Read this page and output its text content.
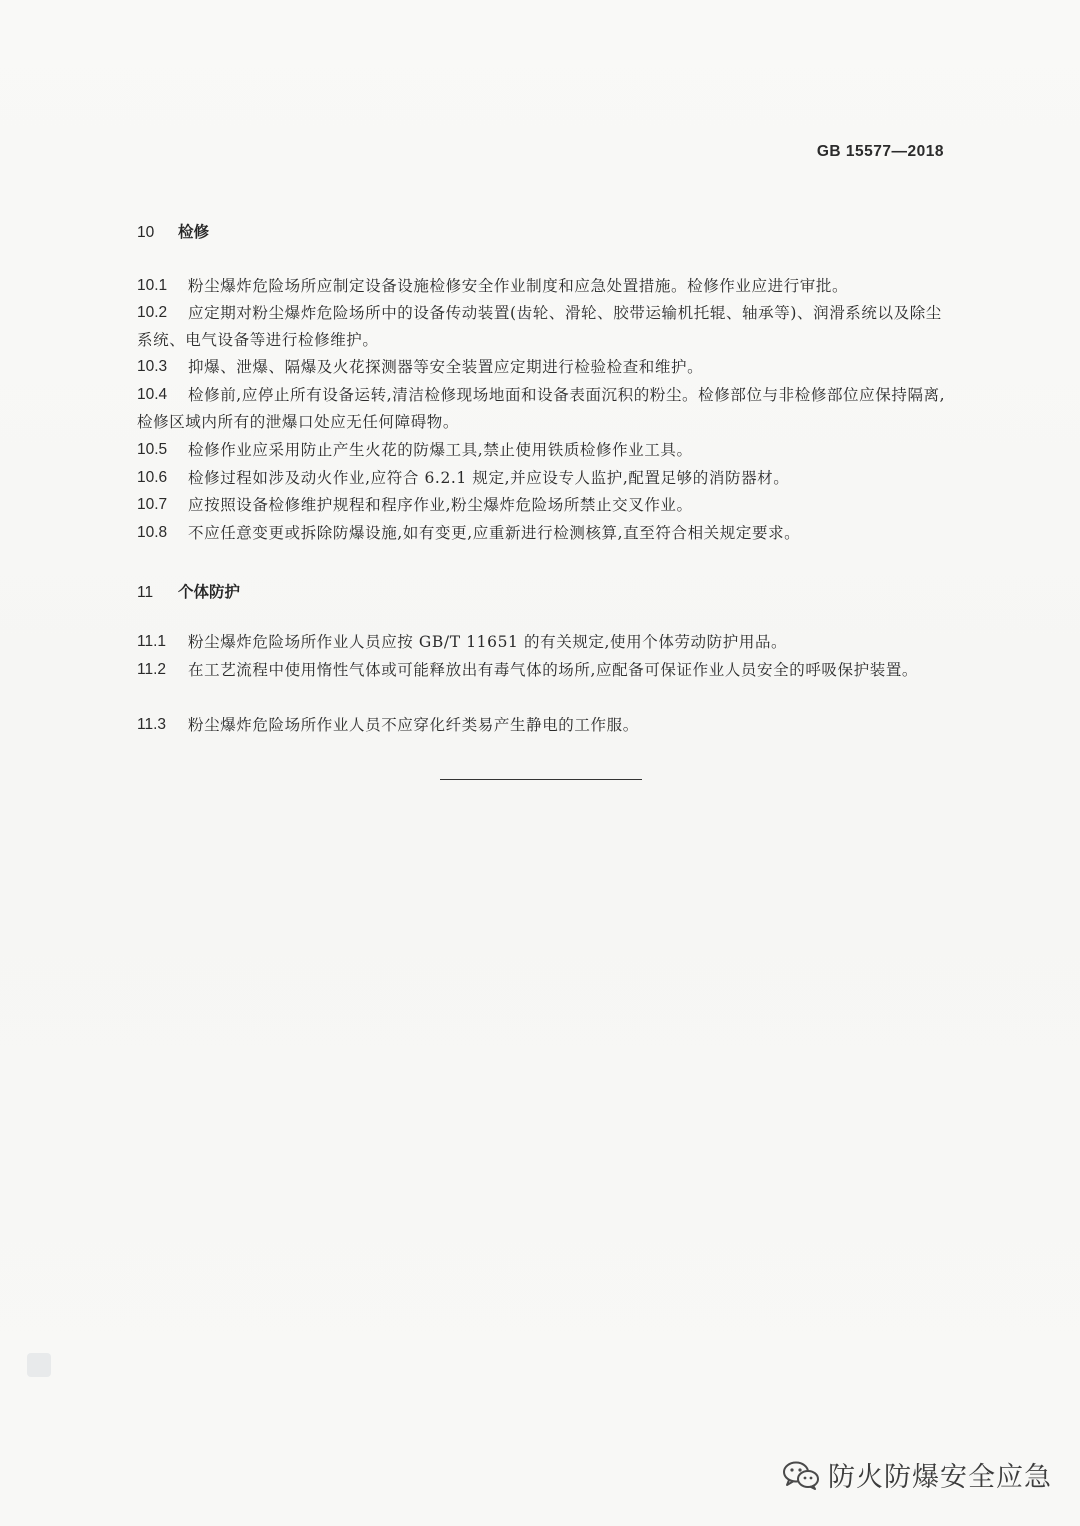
GB 15577—2018
10 检修
10.1	粉尘爆炸危险场所应制定设备设施检修安全作业制度和应急处置措施。检修作业应进行审批。
10.2	应定期对粉尘爆炸危险场所中的设备传动装置(齿轮、滑轮、胶带运输机托辊、轴承等)、润滑系统以及除尘系统、电气设备等进行检修维护。
10.3	抑爆、泄爆、隔爆及火花探测器等安全装置应定期进行检验检查和维护。
10.4	检修前,应停止所有设备运转,清洁检修现场地面和设备表面沉积的粉尘。检修部位与非检修部位应保持隔离,检修区域内所有的泄爆口处应无任何障碍物。
10.5	检修作业应采用防止产生火花的防爆工具,禁止使用铁质检修作业工具。
10.6	检修过程如涉及动火作业,应符合 6.2.1 规定,并应设专人监护,配置足够的消防器材。
10.7	应按照设备检修维护规程和程序作业,粉尘爆炸危险场所禁止交叉作业。
10.8	不应任意变更或拆除防爆设施,如有变更,应重新进行检测核算,直至符合相关规定要求。
11 个体防护
11.1	粉尘爆炸危险场所作业人员应按 GB/T 11651 的有关规定,使用个体劳动防护用品。
11.2	在工艺流程中使用惰性气体或可能释放出有毒气体的场所,应配备可保证作业人员安全的呼吸保护装置。
11.3	粉尘爆炸危险场所作业人员不应穿化纤类易产生静电的工作服。
防火防爆安全应急
